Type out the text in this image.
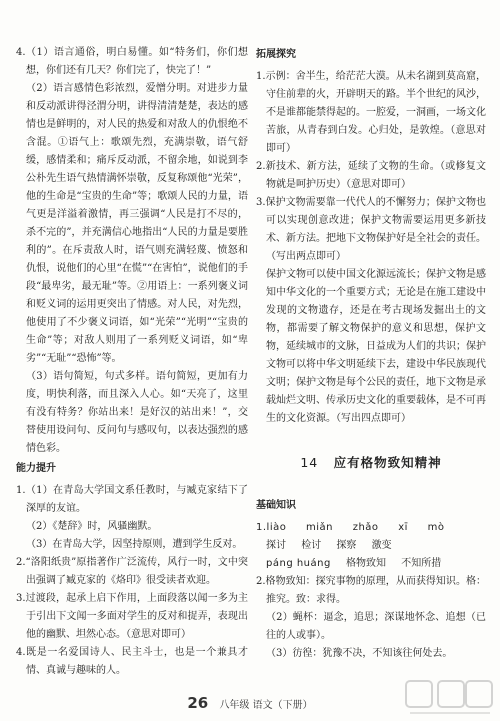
4.（1）语言通俗，明白易懂。如“特务们，你们想想，你们还有几天？你们完了，快完了！”
（2）语言感情色彩浓烈，爱憎分明。对进步力量和反动派讲得泾渭分明，讲得清清楚楚，表达的感情也是鲜明的，对人民的热爱和对敌人的仇恨绝不含混。①语气上：歌颂先烈，充满崇敬，语气舒缓，感情柔和；痛斥反动派，不留余地，如说到李公朴先生语气热情满怀崇敬，反复称颂他“光荣”，他的生命是“宝贵的生命”等；歌颂人民的力量，语气更是洋溢着激情，再三强调“人民是打不尽的，杀不完的”，并充满信心地指出“人民的力量是要胜利的”。在斥责敌人时，语气则充满轻蔑、愤怒和仇恨，说他们的心里“在慌”“在害怕”，说他们的手段“最卑劣，最无耻”等。②用语上：一系列褒义词和贬义词的运用更突出了情感。对人民，对先烈，他使用了不少褒义词语，如“光荣”“光明”“宝贵的生命”等；对敌人则用了一系列贬义词语，如“卑劣”“无耻”“恐怖”等。
（3）语句简短，句式多样。语句简短，更加有力度，明快利落，而且深入人心。如“天亮了，这里有没有特务？你站出来！是好汉的站出来！”，交替使用设问句、反问句与感叹句，以表达强烈的感情色彩。
能力提升
1.（1）在青岛大学国文系任教时，与臧克家结下了深厚的友谊。
（2）《楚辞》时，风骚幽默。
（3）在青岛大学，因坚持原则，遭到学生反对。
2.“洛阳纸贵”原指著作广泛流传，风行一时，文中突出强调了臧克家的《烙印》很受读者欢迎。
3.过渡段，起承上启下作用，上面段落以闻一多为主于引出下文闻一多面对学生的反对和捉弄，表现出他的幽默、坦然心态。（意思对即可）
4.既是一名爱国诗人、民主斗士，也是一个兼具才情、真诚与趣味的人。
拓展探究
1.示例：舍半生，给茫茫大漠。从未名湖到莫高窟，守住前辈的火，开辟明天的路。半个世纪的风沙，不是谁都能禁得起的。一腔爱，一洞画，一场文化苦旅，从青春到白发。心归处，是敦煌。（意思对即可）
2.新技术、新方法，延续了文物的生命。（或修复文物就是呵护历史）（意思对即可）
3.保护文物需要靠一代代人的不懈努力；保护文物也可以实现创意改进；保护文物需要运用更多新技术、新方法。把地下文物保护好是全社会的责任。（写出两点即可）
保护文物可以使中国文化源远流长；保护文物是感知中华文化的一个重要方式；无论是在施工建设中发现的文物遗存，还是在考古现场发掘出土的文物，都需要了解文物保护的意义和思想，保护文物，延续城市的文脉，日益成为人们的共识；保护文物可以将中华文明延续下去，建设中华民族现代文明；保护文物是每个公民的责任，地下文物是承载灿烂文明、传承历史文化的重要载体，是不可再生的文化资源。（写出四点即可）
14 应有格物致知精神
基础知识
1.liào miǎn zhǎo xī mò
探讨 检讨 探察 激变
páng huáng 格物致知 不知所措
2.格物致知：探究事物的原理，从而获得知识。格：推究。致：求得。
（2）蝇杯：逼念，追思；深谋地怀念、追想（已往的人或事）。
（3）彷徨：犹豫不决，不知该往何处去。
26 八年级 语文（下册）
